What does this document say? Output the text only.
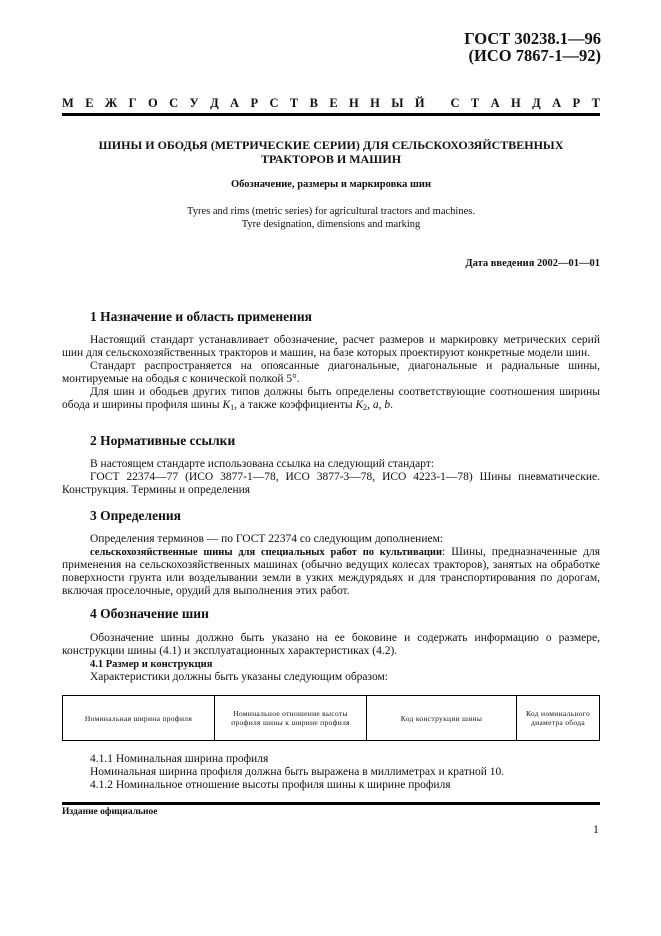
ГОСТ 30238.1—96
(ИСО 7867-1—92)
М Е Ж Г О С У Д А Р С Т В Е Н Н Ы Й
С Т А Н Д А Р Т
ШИНЫ И ОБОДЬЯ (МЕТРИЧЕСКИЕ СЕРИИ) ДЛЯ СЕЛЬСКОХОЗЯЙСТВЕННЫХ
ТРАКТОРОВ И МАШИН
Обозначение, размеры и маркировка шин
Tyres and rims (metric series) for agricultural tractors and machines.
Tyre designation, dimensions and marking
Дата введения 2002—01—01
1 Назначение и область применения

Настоящий стандарт устанавливает обозначение, расчет размеров и маркировку метрических серий шин для сельскохозяйственных тракторов и машин, на базе которых проектируют конкретные модели шин.

Стандарт распространяется на опоясанные диагональные, диагональные и радиальные шины, монтируемые на ободья с конической полкой 5°.

Для шин и ободьев других типов должны быть определены соответствующие соотношения ширины обода и ширины профиля шины $K_1$, а также коэффициенты $K_2$, a, b.

2 Нормативные ссылки

В настоящем стандарте использована ссылка на следующий стандарт:

ГОСТ 22374—77 (ИСО 3877-1—78, ИСО 3877-3—78, ИСО 4223-1—78) Шины пневматические. Конструкция. Термины и определения

3 Определения

Определения терминов — по ГОСТ 22374 со следующим дополнением:

сельскохозяйственные шины для специальных работ по культивации: Шины, предназначенные для применения на сельскохозяйственных машинах (обычно ведущих колесах тракторов), занятых на обработке поверхности грунта или возделывании земли в узких междурядьях и для транспортирования по дорогам, включая проселочные, орудий для выполнения этих работ.

4 Обозначение шин

Обозначение шины должно быть указано на ее боковине и содержать информацию о размере, конструкции шины (4.1) и эксплуатационных характеристиках (4.2).

4.1 Размер и конструкция

Характеристики должны быть указаны следующим образом:

Номинальная ширина профиля	Номинальное отношение высоты профиля шины к ширине профиля	Код конструкции шины	Код номинального диаметра обода

4.1.1 Номинальная ширина профиля

Номинальная ширина профиля должна быть выражена в миллиметрах и кратной 10.

4.1.2 Номинальное отношение высоты профиля шины к ширине профиля

Издание официальное
1
